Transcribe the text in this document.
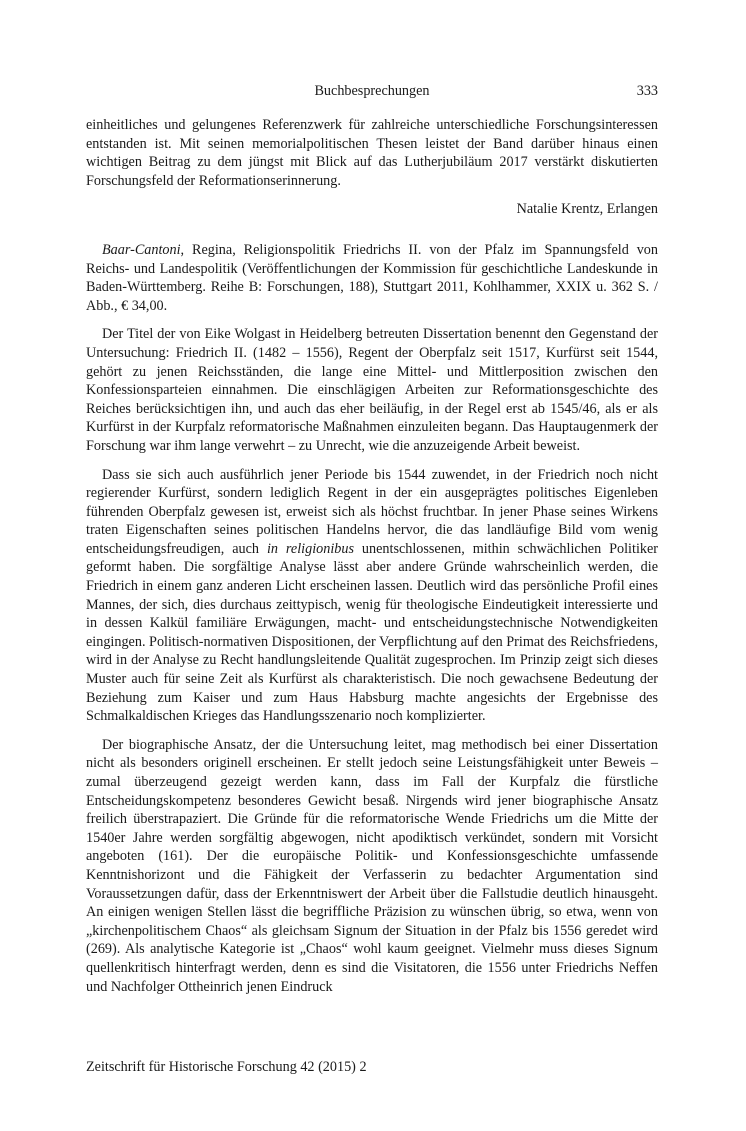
Buchbesprechungen	333

einheitliches und gelungenes Referenzwerk für zahlreiche unterschiedliche Forschungsinteressen entstanden ist. Mit seinen memorialpolitischen Thesen leistet der Band darüber hinaus einen wichtigen Beitrag zu dem jüngst mit Blick auf das Lutherjubiläum 2017 verstärkt diskutierten Forschungsfeld der Reformationserinnerung.

Natalie Krentz, Erlangen

Baar-Cantoni, Regina, Religionspolitik Friedrichs II. von der Pfalz im Spannungsfeld von Reichs- und Landespolitik (Veröffentlichungen der Kommission für geschichtliche Landeskunde in Baden-Württemberg. Reihe B: Forschungen, 188), Stuttgart 2011, Kohlhammer, XXIX u. 362 S. / Abb., € 34,00.

Der Titel der von Eike Wolgast in Heidelberg betreuten Dissertation benennt den Gegenstand der Untersuchung: Friedrich II. (1482 – 1556), Regent der Oberpfalz seit 1517, Kurfürst seit 1544, gehört zu jenen Reichsständen, die lange eine Mittel- und Mittlerposition zwischen den Konfessionsparteien einnahmen. Die einschlägigen Arbeiten zur Reformationsgeschichte des Reiches berücksichtigen ihn, und auch das eher beiläufig, in der Regel erst ab 1545/46, als er als Kurfürst in der Kurpfalz reformatorische Maßnahmen einzuleiten begann. Das Hauptaugenmerk der Forschung war ihm lange verwehrt – zu Unrecht, wie die anzuzeigende Arbeit beweist.

Dass sie sich auch ausführlich jener Periode bis 1544 zuwendet, in der Friedrich noch nicht regierender Kurfürst, sondern lediglich Regent in der ein ausgeprägtes politisches Eigenleben führenden Oberpfalz gewesen ist, erweist sich als höchst fruchtbar. In jener Phase seines Wirkens traten Eigenschaften seines politischen Handelns hervor, die das landläufige Bild vom wenig entscheidungsfreudigen, auch in religionibus unentschlossenen, mithin schwächlichen Politiker geformt haben. Die sorgfältige Analyse lässt aber andere Gründe wahrscheinlich werden, die Friedrich in einem ganz anderen Licht erscheinen lassen. Deutlich wird das persönliche Profil eines Mannes, der sich, dies durchaus zeittypisch, wenig für theologische Eindeutigkeit interessierte und in dessen Kalkül familiäre Erwägungen, macht- und entscheidungstechnische Notwendigkeiten eingingen. Politisch-normativen Dispositionen, der Verpflichtung auf den Primat des Reichsfriedens, wird in der Analyse zu Recht handlungsleitende Qualität zugesprochen. Im Prinzip zeigt sich dieses Muster auch für seine Zeit als Kurfürst als charakteristisch. Die noch gewachsene Bedeutung der Beziehung zum Kaiser und zum Haus Habsburg machte angesichts der Ergebnisse des Schmalkaldischen Krieges das Handlungsszenario noch komplizierter.

Der biographische Ansatz, der die Untersuchung leitet, mag methodisch bei einer Dissertation nicht als besonders originell erscheinen. Er stellt jedoch seine Leistungsfähigkeit unter Beweis – zumal überzeugend gezeigt werden kann, dass im Fall der Kurpfalz die fürstliche Entscheidungskompetenz besonderes Gewicht besaß. Nirgends wird jener biographische Ansatz freilich überstrapaziert. Die Gründe für die reformatorische Wende Friedrichs um die Mitte der 1540er Jahre werden sorgfältig abgewogen, nicht apodiktisch verkündet, sondern mit Vorsicht angeboten (161). Der die europäische Politik- und Konfessionsgeschichte umfassende Kenntnishorizont und die Fähigkeit der Verfasserin zu bedachter Argumentation sind Voraussetzungen dafür, dass der Erkenntniswert der Arbeit über die Fallstudie deutlich hinausgeht. An einigen wenigen Stellen lässt die begriffliche Präzision zu wünschen übrig, so etwa, wenn von „kirchenpolitischem Chaos“ als gleichsam Signum der Situation in der Pfalz bis 1556 geredet wird (269). Als analytische Kategorie ist „Chaos“ wohl kaum geeignet. Vielmehr muss dieses Signum quellenkritisch hinterfragt werden, denn es sind die Visitatoren, die 1556 unter Friedrichs Neffen und Nachfolger Ottheinrich jenen Eindruck

Zeitschrift für Historische Forschung 42 (2015) 2
